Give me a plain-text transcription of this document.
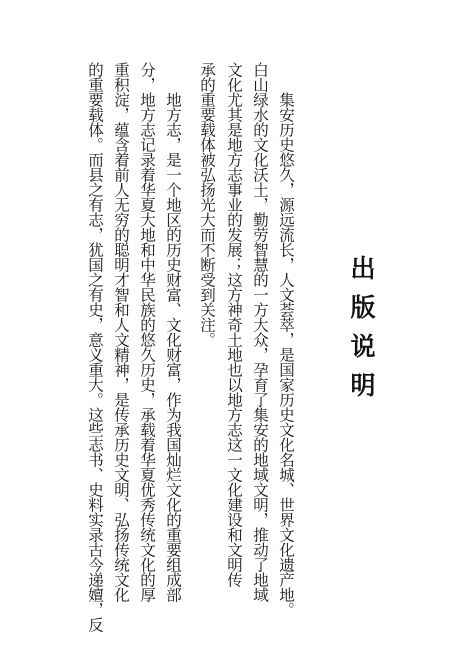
出版说明
集安历史悠久，源远流长，人文荟萃，是国家历史文化名城、世界文化遗产地。
白山绿水的文化沃土，勤劳智慧的一方大众，孕育了集安的地域文明，推动了地域
文化尤其是地方志事业的发展；这方神奇土地也以地方志这一文化建设和文明传
承的重要载体被弘扬光大而不断受到关注。
地方志，是一个地区的历史财富、文化财富，作为我国灿烂文化的重要组成部
分，地方志记录着华夏大地和中华民族的悠久历史，承载着华夏优秀传统文化的厚
重积淀，蕴含着前人无穷的聪明才智和人文精神，是传承历史文明、弘扬传统文化
的重要载体。而县之有志，犹国之有史，意义重大。这些志书、史料实录古今递嬗，反
